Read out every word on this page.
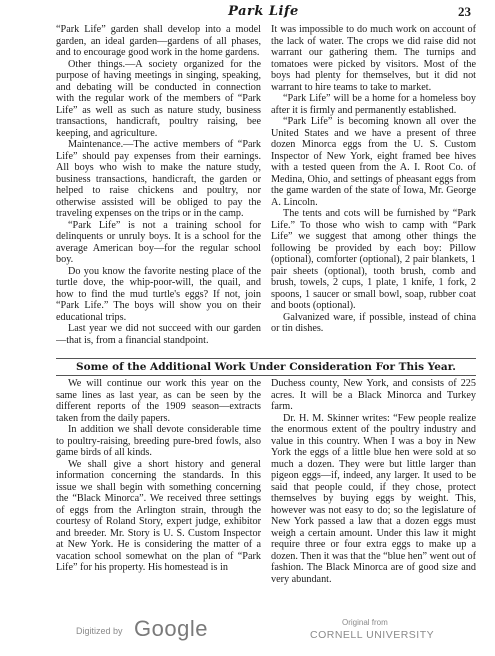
Park Life	23

“Park Life” garden shall develop into a model garden, an ideal garden—gardens of all phases, and to encourage good work in the home gardens.

Other things.—A society organized for the purpose of having meetings in singing, speaking, and debating will be conducted in connection with the regular work of the members of “Park Life” as well as such as nature study, business transactions, handicraft, poultry raising, bee keeping, and agriculture.

Maintenance.—The active members of “Park Life” should pay expenses from their earnings. All boys who wish to make the nature study, business transactions, handicraft, the garden or helped to raise chickens and poultry, nor otherwise assisted will be obliged to pay the traveling expenses on the trips or in the camp.

“Park Life” is not a training school for delinquents or unruly boys. It is a school for the average American boy—for the regular school boy.

Do you know the favorite nesting place of the turtle dove, the whip-poor-will, the quail, and how to find the mud turtle's eggs? If not, join “Park Life.” The boys will show you on their educational trips.

Last year we did not succeed with our garden—that is, from a financial standpoint.

It was impossible to do much work on account of the lack of water. The crops we did raise did not warrant our gathering them. The turnips and tomatoes were picked by visitors. Most of the boys had plenty for themselves, but it did not warrant to hire teams to take to market.

“Park Life” will be a home for a homeless boy after it is firmly and permanently established.

“Park Life” is becoming known all over the United States and we have a present of three dozen Minorca eggs from the U. S. Custom Inspector of New York, eight framed bee hives with a tested queen from the A. I. Root Co. of Medina, Ohio, and settings of pheasant eggs from the game warden of the state of Iowa, Mr. George A. Lincoln.

The tents and cots will be furnished by “Park Life.” To those who wish to camp with “Park Life” we suggest that among other things the following be provided by each boy: Pillow (optional), comforter (optional), 2 pair blankets, 1 pair sheets (optional), tooth brush, comb and brush, towels, 2 cups, 1 plate, 1 knife, 1 fork, 2 spoons, 1 saucer or small bowl, soap, rubber coat and boots (optional).

Galvanized ware, if possible, instead of china or tin dishes.

Some of the Additional Work Under Consideration For This Year.

We will continue our work this year on the same lines as last year, as can be seen by the different reports of the 1909 season—extracts taken from the daily papers.

In addition we shall devote considerable time to poultry-raising, breeding pure-bred fowls, also game birds of all kinds.

We shall give a short history and general information concerning the standards. In this issue we shall begin with something concerning the “Black Minorca”. We received three settings of eggs from the Arlington strain, through the courtesy of Roland Story, expert judge, exhibitor and breeder. Mr. Story is U. S. Custom Inspector at New York. He is considering the matter of a vacation school somewhat on the plan of “Park Life” for his property. His homestead is in

Duchess county, New York, and consists of 225 acres. It will be a Black Minorca and Turkey farm.

Dr. H. M. Skinner writes: “Few people realize the enormous extent of the poultry industry and value in this country. When I was a boy in New York the eggs of a little blue hen were sold at so much a dozen. They were but little larger than pigeon eggs—if, indeed, any larger. It used to be said that people could, if they chose, protect themselves by buying eggs by weight. This, however was not easy to do; so the legislature of New York passed a law that a dozen eggs must weigh a certain amount. Under this law it might require three or four extra eggs to make up a dozen. Then it was that the “blue hen” went out of fashion. The Black Minorca are of good size and very abundant.

Digitized by Google	Original from
CORNELL UNIVERSITY
